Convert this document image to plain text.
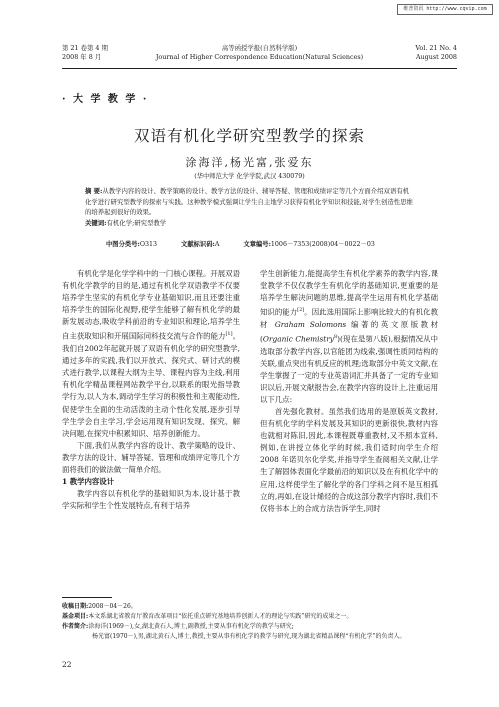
维普资讯 http://www.cqvip.com
第 21 卷第 4 期
2008 年 8 月
高等函授学报(自然科学版)
Journal of Higher Correspondence Education(Natural Sciences)
Vol. 21 No. 4
August 2008
· 大 学 教 学 ·
双语有机化学研究型教学的探索
涂海洋,杨光富,张爱东
(华中师范大学 化学学院,武汉 430079)

摘 要:从教学内容的设计、教学策略的设计、教学方法的设计、辅导答疑、管理和成绩评定等几个方面介绍双语有机化学进行研究型教学的探索与实践。这种教学模式强调让学生自主地学习获得有机化学知识和技能,对学生创造性思维的培养起到很好的效果。

关键词:有机化学;研究型教学

中图分类号:O313	文献标识码:A	文章编号:1006－7353(2008)04－0022－03

有机化学是化学学科中的一门核心课程。开展双语有机化学教学的目的是,通过有机化学双语教学不仅要培养学生坚实的有机化学专业基础知识,而且还要注重培养学生的国际化视野,使学生能够了解有机化学的最新发展动态,吸收学科前沿的专业知识和理论,培养学生自主获取知识和开展国际同科技交流与合作的能力[1]。我们自2002年起就开展了双语有机化学的研究型教学,通过多年的实践,我们以开放式、探究式、研讨式的模式进行教学,以课程大纲为主导、课程内容为主线,利用有机化学精品课程网站教学平台,以联系的眼光指导教学行为,以人为本,调动学生学习的积极性和主观能动性,促使学生全面的生动活泼的主动个性化发展,逐步引导学生学会自主学习,学会运用现有知识发现、探究、解决问题,在探究中积累知识、培养创新能力。

下面,我们从教学内容的设计、教学策略的设计、教学方法的设计、辅导答疑、管理和成绩评定等几个方面将我们的做法做一简单介绍。

1 教学内容设计

教学内容以有机化学的基础知识为本,设计基于教学实际和学生个性发展特点,有利于培养

学生创新能力,能提高学生有机化学素养的教学内容,课堂教学不仅仅教学生有机化学的基础知识,更重要的是培养学生解决问题的思维,提高学生运用有机化学基础知识的能力[2]。因此选用国际上影响比较大的有机化教材 Graham Solomons 编著的英文原版教材(Organic Chemistry$^8$)(现在是第八版),根据情况从中选取部分教学内容,以官能团为线索,强调性质同结构的关联,重点突出有机反应的机理;选取部分中英文文献,在学生掌握了一定的专业英语词汇并具备了一定的专业知识以后,开展文献报告会,在教学内容的设计上,注重运用以下几点:

首先强化教材。虽然我们选用的是原版英文教材,但有机化学的学科发展及其知识的更新很快,教材内容也就相对陈旧,因此,本课程既尊重教材,又不照本宣科,例如,在讲授立体化学的时候,我们适时向学生介绍 2008 年诺贝尔化学奖,并指导学生查阅相关文献,让学生了解固体表面化学最前沿的知识以及在有机化学中的应用,这样使学生了解化学的各门学科之间不是互相孤立的,再如,在设计烯烃的合成这部分教学内容时,我们不仅将书本上的合成方法告诉学生,同时

收稿日期:2008－04－26。

基金项目:本文系湖北省教育厅教育改革项目“依托重点研究基地培养创新人才的理论与实践”研究的成果之一。

作者简介:涂海洋(1969－),女,湖北黄石人,博士,副教授,主要从事有机化学的教学与研究;

杨光富(1970－),男,湖北黄石人,博士,教授,主要从事有机化学的教学与研究,现为湖北省精品课程“有机化学”的负责人。

22
